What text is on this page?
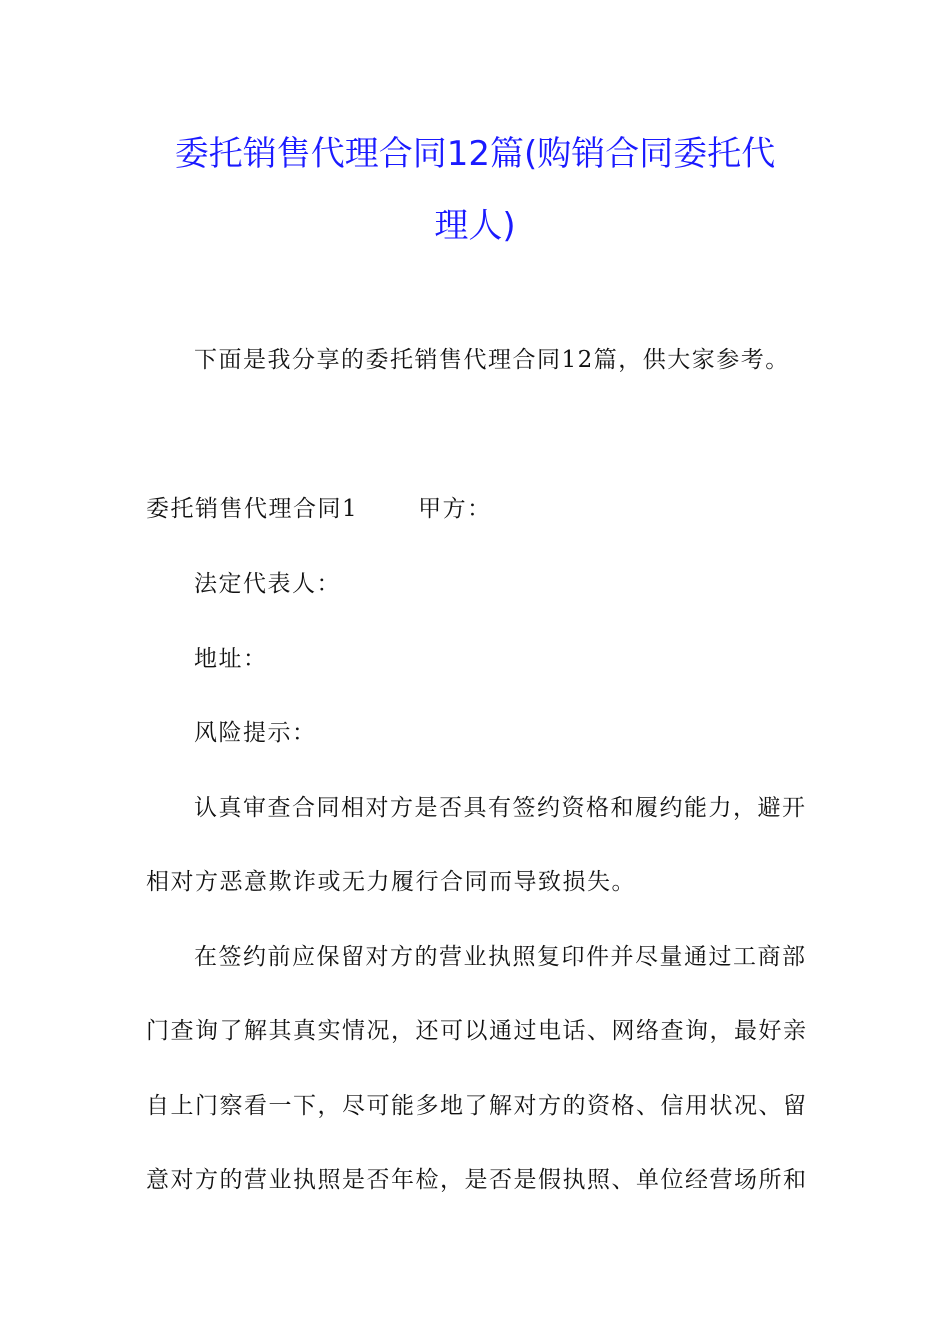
委托销售代理合同12篇(购销合同委托代
理人)
下面是我分享的委托销售代理合同12篇，供大家参考。
委托销售代理合同1	甲方：
法定代表人：
地址：
风险提示：
认真审查合同相对方是否具有签约资格和履约能力，避开
相对方恶意欺诈或无力履行合同而导致损失。
在签约前应保留对方的营业执照复印件并尽量通过工商部
门查询了解其真实情况，还可以通过电话、网络查询，最好亲
自上门察看一下，尽可能多地了解对方的资格、信用状况、留
意对方的营业执照是否年检，是否是假执照、单位经营场所和
